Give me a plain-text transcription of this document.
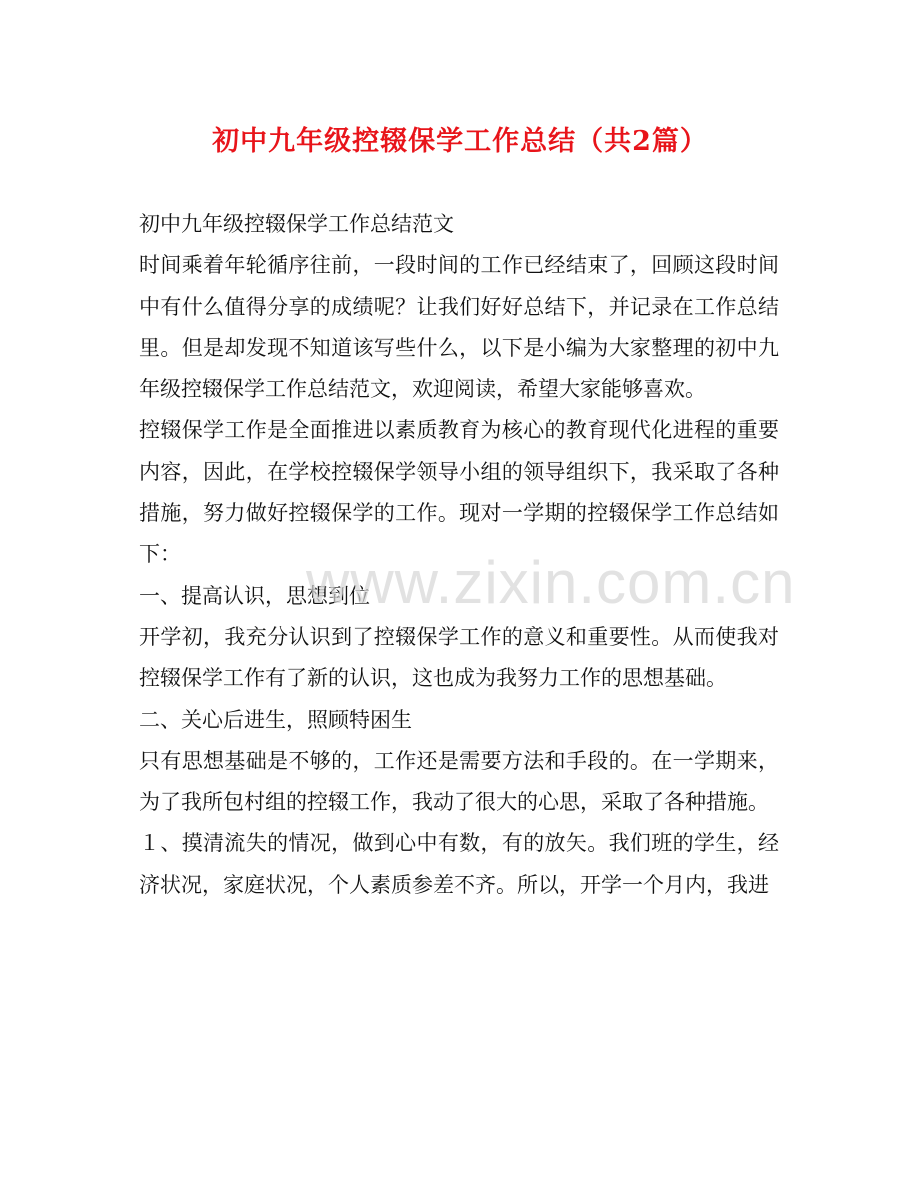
初中九年级控辍保学工作总结（共2篇）

初中九年级控辍保学工作总结范文

时间乘着年轮循序往前，一段时间的工作已经结束了，回顾这段时间中有什么值得分享的成绩呢？让我们好好总结下，并记录在工作总结里。但是却发现不知道该写些什么，以下是小编为大家整理的初中九年级控辍保学工作总结范文，欢迎阅读，希望大家能够喜欢。

控辍保学工作是全面推进以素质教育为核心的教育现代化进程的重要内容，因此，在学校控辍保学领导小组的领导组织下，我采取了各种措施，努力做好控辍保学的工作。现对一学期的控辍保学工作总结如下：

一、提高认识，思想到位

开学初，我充分认识到了控辍保学工作的意义和重要性。从而使我对控辍保学工作有了新的认识，这也成为我努力工作的思想基础。

二、关心后进生，照顾特困生

只有思想基础是不够的，工作还是需要方法和手段的。在一学期来，为了我所包村组的控辍工作，我动了很大的心思，采取了各种措施。

１、摸清流失的情况，做到心中有数，有的放矢。我们班的学生，经济状况，家庭状况，个人素质参差不齐。所以，开学一个月内，我进

www.zixin.com.cn
